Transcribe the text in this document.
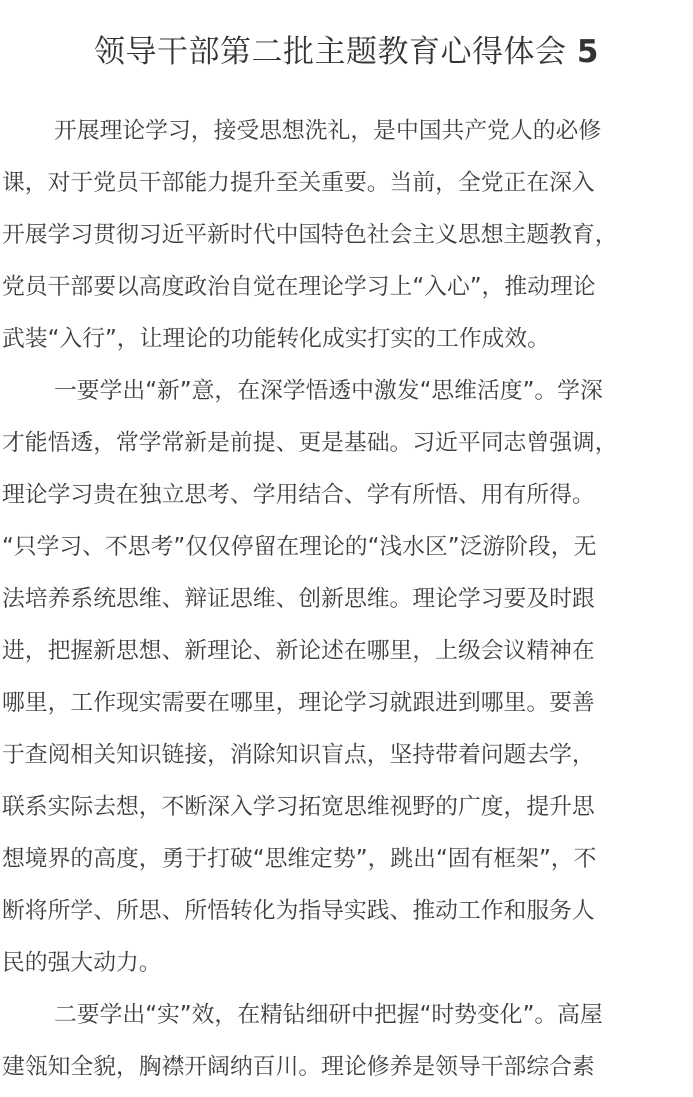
领导干部第二批主题教育心得体会 5
开展理论学习，接受思想洗礼，是中国共产党人的必修
课，对于党员干部能力提升至关重要。当前，全党正在深入
开展学习贯彻习近平新时代中国特色社会主义思想主题教育，
党员干部要以高度政治自觉在理论学习上“入心”，推动理论
武装“入行”，让理论的功能转化成实打实的工作成效。
一要学出“新”意，在深学悟透中激发“思维活度”。学深
才能悟透，常学常新是前提、更是基础。习近平同志曾强调，
理论学习贵在独立思考、学用结合、学有所悟、用有所得。
“只学习、不思考”仅仅停留在理论的“浅水区”泛游阶段，无
法培养系统思维、辩证思维、创新思维。理论学习要及时跟
进，把握新思想、新理论、新论述在哪里，上级会议精神在
哪里，工作现实需要在哪里，理论学习就跟进到哪里。要善
于查阅相关知识链接，消除知识盲点，坚持带着问题去学，
联系实际去想，不断深入学习拓宽思维视野的广度，提升思
想境界的高度，勇于打破“思维定势”，跳出“固有框架”，不
断将所学、所思、所悟转化为指导实践、推动工作和服务人
民的强大动力。
二要学出“实”效，在精钻细研中把握“时势变化”。高屋
建瓴知全貌，胸襟开阔纳百川。理论修养是领导干部综合素
